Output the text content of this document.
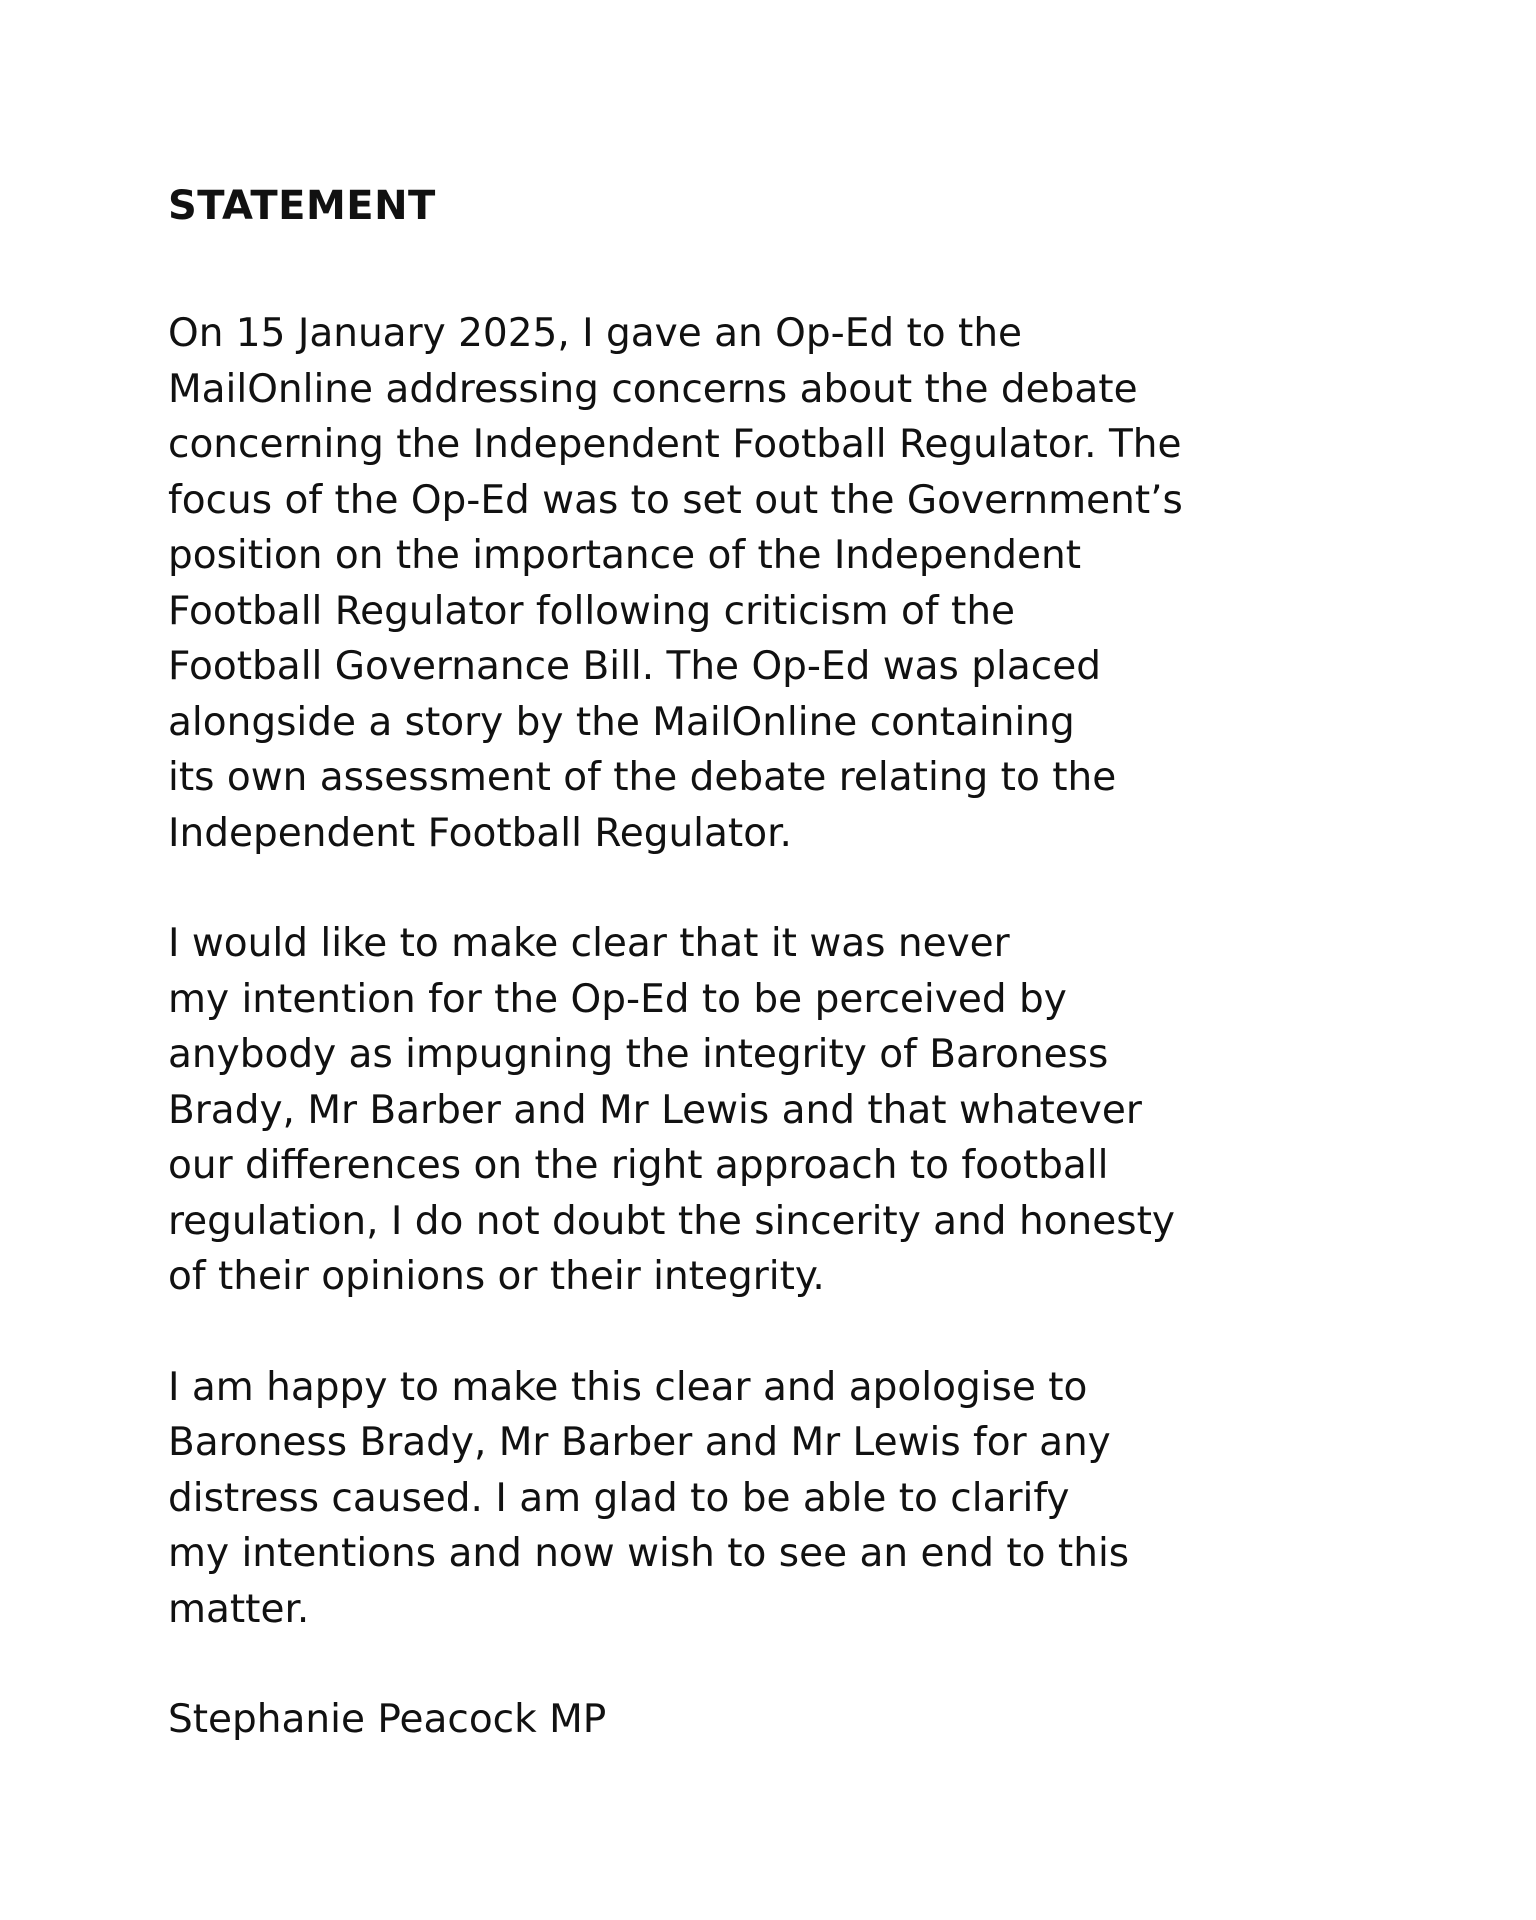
STATEMENT

On 15 January 2025, I gave an Op-Ed to the
MailOnline addressing concerns about the debate
concerning the Independent Football Regulator. The
focus of the Op-Ed was to set out the Government’s
position on the importance of the Independent
Football Regulator following criticism of the
Football Governance Bill. The Op-Ed was placed
alongside a story by the MailOnline containing
its own assessment of the debate relating to the
Independent Football Regulator.

I would like to make clear that it was never
my intention for the Op-Ed to be perceived by
anybody as impugning the integrity of Baroness
Brady, Mr Barber and Mr Lewis and that whatever
our differences on the right approach to football
regulation, I do not doubt the sincerity and honesty
of their opinions or their integrity.

I am happy to make this clear and apologise to
Baroness Brady, Mr Barber and Mr Lewis for any
distress caused. I am glad to be able to clarify
my intentions and now wish to see an end to this
matter.

Stephanie Peacock MP
